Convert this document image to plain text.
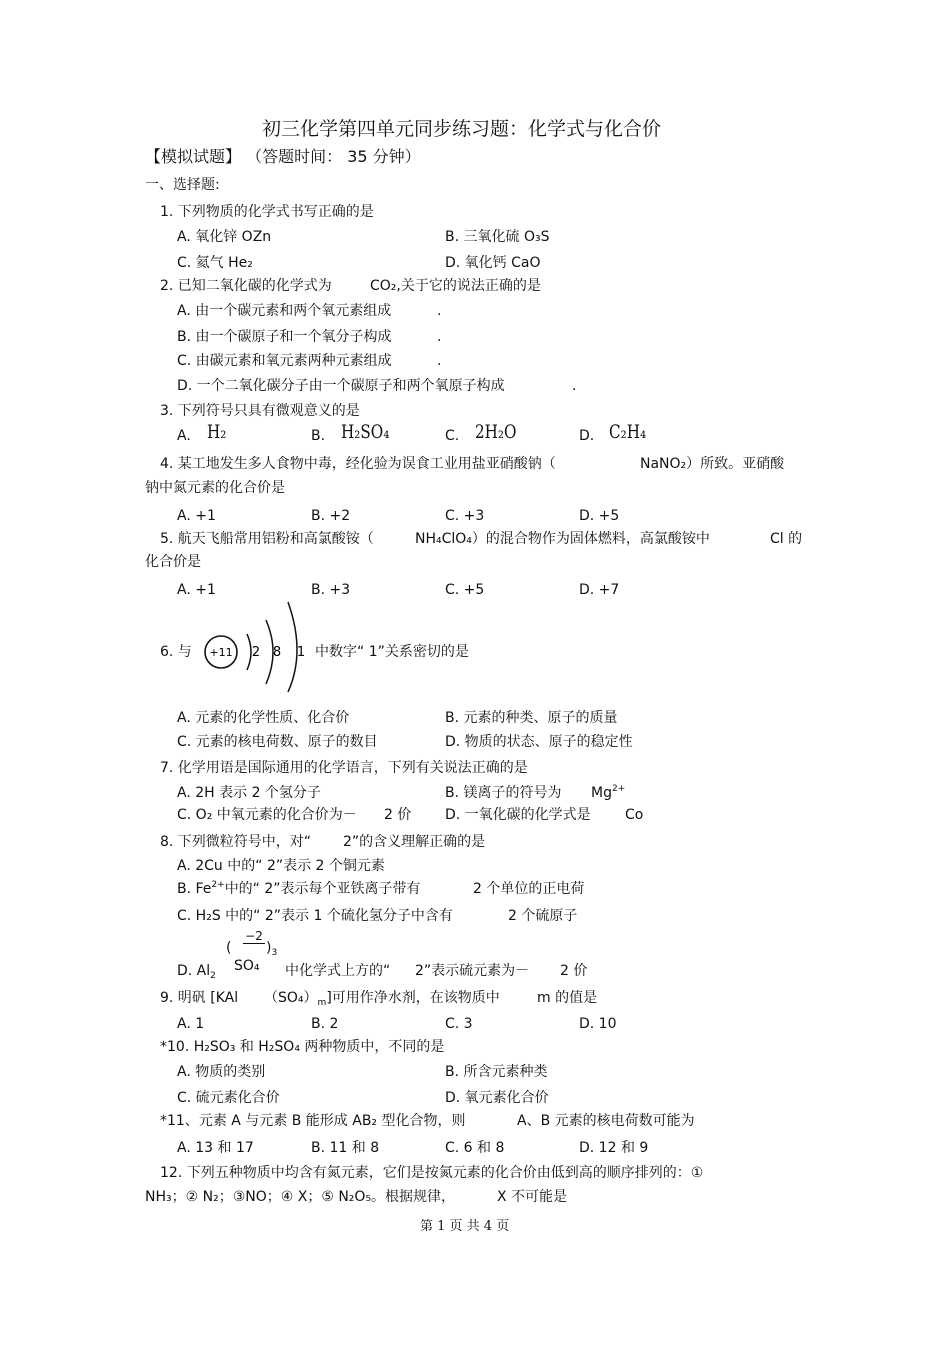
初三化学第四单元同步练习题：化学式与化合价
【模拟试题】 （答题时间： 35 分钟）
一、选择题:
1. 下列物质的化学式书写正确的是
A. 氧化锌 OZn	B. 三氧化硫 O₃S
C. 氦气 He₂	D. 氧化钙 CaO
2. 已知二氧化碳的化学式为	CO₂,关于它的说法正确的是
A. 由一个碳元素和两个氧元素组成	.
B. 由一个碳原子和一个氧分子构成	.
C. 由碳元素和氧元素两种元素组成	.
D. 一个二氧化碳分子由一个碳原子和两个氧原子构成	.
3. 下列符号只具有微观意义的是
A. H₂	B. H₂SO₄	C. 2H₂O	D. C₂H₄
4. 某工地发生多人食物中毒，经化验为误食工业用盐亚硝酸钠（	NaNO₂）所致。亚硝酸
钠中氮元素的化合价是
A. +1	B. +2	C. +3	D. +5
5. 航天飞船常用铝粉和高氯酸铵（	NH₄ClO₄）的混合物作为固体燃料，高氯酸铵中	Cl 的
化合价是
A. +1	B. +3	C. +5	D. +7
6. 与 +11 2 8 1 中数字“ 1”关系密切的是
A. 元素的化学性质、化合价	B. 元素的种类、原子的质量
C. 元素的核电荷数、原子的数目	D. 物质的状态、原子的稳定性
7. 化学用语是国际通用的化学语言，下列有关说法正确的是
A. 2H 表示 2 个氢分子	B. 镁离子的符号为 $Mg^{2+}$
C. O₂ 中氧元素的化合价为－ 2 价 D. 一氧化碳的化学式是 Co
8. 下列微粒符号中，对“ 2”的含义理解正确的是
A. 2Cu 中的“ 2”表示 2 个铜元素
B. $Fe^{2+}$中的“ 2”表示每个亚铁离子带有	2 个单位的正电荷
C. H₂S 中的“ 2”表示 1 个硫化氢分子中含有	2 个硫原子
D. $Al_2$
(
−2
SO₄
)$_3$
中化学式上方的“ 2”表示硫元素为－ 2 价
9. 明矾 [KAl $(SO_4)_m$]可用作净水剂，在该物质中	m 的值是
A. 1	B. 2	C. 3	D. 10
*10. H₂SO₃ 和 H₂SO₄ 两种物质中，不同的是
A. 物质的类别	B. 所含元素种类
C. 硫元素化合价	D. 氧元素化合价
*11、元素 A 与元素 B 能形成 AB₂ 型化合物，则	A、B 元素的核电荷数可能为
A. 13 和 17	B. 11 和 8	C. 6 和 8	D. 12 和 9
12. 下列五种物质中均含有氮元素，它们是按氮元素的化合价由低到高的顺序排列的：①
NH₃；② N₂；③NO；④ X；⑤ N₂O₅。根据规律，	X 不可能是
第 1 页 共 4 页
